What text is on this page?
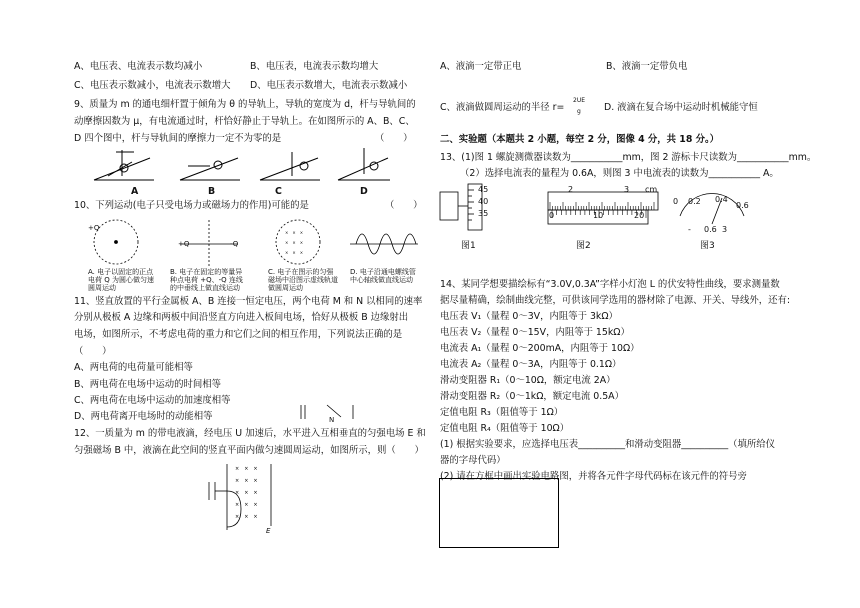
A、电压表、电流表示数均减小	B、电压表，电流表示数均增大
C、电压表示数减小，电流表示数增大 D、电压表示数增大，电流表示数减小
9、质量为 m 的通电细杆置于倾角为 θ 的导轨上，导轨的宽度为 d，杆与导轨间的
动摩擦因数为 μ，有电流通过时，杆恰好静止于导轨上。在如图所示的 A、B、C、
D 四个图中，杆与导轨间的摩擦力一定不为零的是	（　　）
A	B	C	D
10、下列运动(电子只受电场力或磁场力的作用)可能的是	（　　）
×　×　×
×　×　×
×　×　×
+Q
+Q	-Q
A. 电子以固定的正点电荷 Q 为圆心做匀速圆周运动
B. 电子在固定的等量异种点电荷 +Q、-Q 连线的中垂线上做直线运动
C. 电子在图示的匀强磁场中沿图示虚线轨道做圆周运动
D. 电子沿通电螺线管中心轴线做直线运动
11、竖直放置的平行金属板 A、B 连接一恒定电压，两个电荷 M 和 N 以相同的速率
分别从极板 A 边缘和两板中间沿竖直方向进入板间电场，恰好从极板 B 边缘射出
电场，如图所示，不考虑电荷的重力和它们之间的相互作用，下列说法正确的是
（　　）
A、两电荷的电荷量可能相等
B、两电荷在电场中运动的时间相等
C、两电荷在电场中运动的加速度相等
D、两电荷离开电场时的动能相等	N
12、一质量为 m 的带电液滴，经电压 U 加速后，水平进入互相垂直的匀强电场 E 和
匀强磁场 B 中，液滴在此空间的竖直平面内做匀速圆周运动，如图所示，则（　　）
×　×　×
×　×　×
×　×　×
×　×　×
×　×　×
E
A、液滴一定带正电	B、液滴一定带负电
C、液滴做圆周运动的半径 r=
2UE
g D. 液滴在复合场中运动时机械能守恒
二、实验题（本题共 2 小题，每空 2 分，图像 4 分，共 18 分。）
13、(1)图 1 螺旋测微器读数为___________mm，图 2 游标卡尺读数为___________mm。
（2）选择电流表的量程为 0.6A，则图 3 中电流表的读数为___________ A。
45
40
35
图1
2	3 cm
0	10	20
图2
0 0.2 0.4
0.6
- 0.6 3
图3
14、某同学想要描绘标有“3.0V,0.3A”字样小灯泡 L 的伏安特性曲线，要求测量数
据尽量精确，绘制曲线完整，可供该同学选用的器材除了电源、开关、导线外，还有:
电压表 V₁（量程 0～3V，内阻等于 3kΩ）
电压表 V₂（量程 0～15V，内阻等于 15kΩ）
电流表 A₁（量程 0～200mA，内阻等于 10Ω）
电流表 A₂（量程 0～3A，内阻等于 0.1Ω）
滑动变阻器 R₁（0～10Ω，额定电流 2A）
滑动变阻器 R₂（0～1kΩ，额定电流 0.5A）
定值电阻 R₃（阻值等于 1Ω）
定值电阻 R₄（阻值等于 10Ω）
(1) 根据实验要求，应选择电压表__________和滑动变阻器__________（填所给仪
器的字母代码）
(2) 请在方框中画出实验电路图，并将各元件字母代码标在该元件的符号旁
